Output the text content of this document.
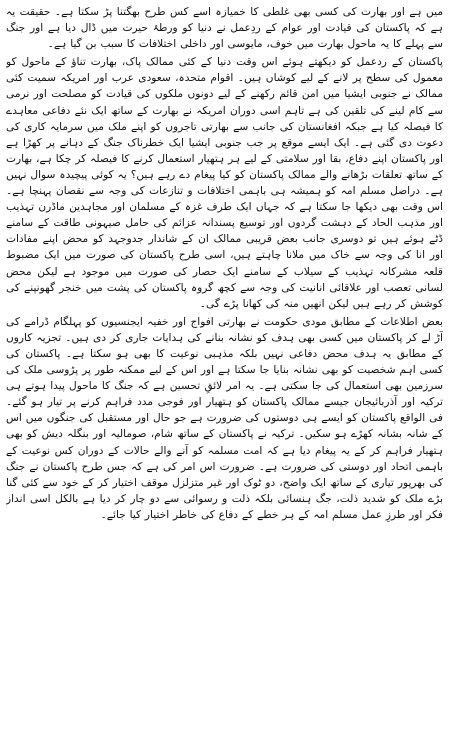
میں ہے اور بھارت کی کسی بھی غلطی کا خمیازہ اسے کس طرح بھگتنا پڑ سکتا ہے۔ حقیقت یہ ہے کہ پاکستان کی قیادت اور عوام کے ردِعمل نے دنیا کو ورطۂ حیرت میں ڈال دیا ہے اور جنگ سے پہلے کا یہ ماحول بھارت میں خوف، مایوسی اور داخلی اختلافات کا سبب بن گیا ہے۔

پاکستان کے ردعمل کو دیکھتے ہوئے اس وقت دنیا کے کئی ممالک پاک، بھارت تناؤ کے ماحول کو معمول کی سطح پر لانے کے لیے کوشاں ہیں۔ اقوام متحدہ، سعودی عرب اور امریکہ سمیت کئی ممالک نے جنوبی ایشیا میں امن قائم رکھنے کے لیے دونوں ملکوں کی قیادت کو مصلحت اور نرمی سے کام لینے کی تلقین کی ہے تاہم اسی دوران امریکہ نے بھارت کے ساتھ ایک نئے دفاعی معاہدے کا فیصلہ کیا ہے جبکہ افغانستان کی جانب سے بھارتی تاجروں کو اپنے ملک میں سرمایہ کاری کی دعوت دی گئی ہے۔ ایک ایسے موقع پر جب جنوبی ایشیا ایک خطرناک جنگ کے دہانے پر کھڑا ہے اور پاکستان اپنے دفاع، بقا اور سلامتی کے لیے ہر ہتھیار استعمال کرنے کا فیصلہ کر چکا ہے، بھارت کے ساتھ تعلقات بڑھانے والے ممالک پاکستان کو کیا پیغام دے رہے ہیں؟ یہ کوئی پیچیدہ سوال نہیں ہے۔ دراصل مسلم امہ کو ہمیشہ ہی باہمی اختلافات و تنازعات کی وجہ سے نقصان پہنچا ہے۔ اس وقت بھی دیکھا جا سکتا ہے کہ جہاں ایک طرف غزہ کے مسلمان اور مجاہدین ماڈرن تہذیب اور مذہب الحاد کے دہشت گردوں اور توسیع پسندانہ عزائم کی حامل صیہونی طاقت کے سامنے ڈٹے ہوئے ہیں تو دوسری جانب بعض قریبی ممالک ان کے شاندار جدوجہد کو محض اپنے مفادات اور انا کی وجہ سے خاک میں ملانا چاہتے ہیں، اسی طرح پاکستان کی صورت میں ایک مضبوط قلعہ مشرکانہ تہذیب کے سیلاب کے سامنے ایک حصار کی صورت میں موجود ہے لیکن محض لسانی تعصب اور علاقائی انانیت کی وجہ سے کچھ گروہ پاکستان کی پشت میں خنجر گھونپنے کی کوشش کر رہے ہیں لیکن انھیں منہ کی کھانا پڑے گی۔

بعض اطلاعات کے مطابق مودی حکومت نے بھارتی افواج اور خفیہ ایجنسیوں کو پہلگام ڈرامے کی آڑ لے کر پاکستان میں کسی بھی ہدف کو نشانہ بنانے کی ہدایات جاری کر دی ہیں۔ تجزیہ کاروں کے مطابق یہ ہدف محض دفاعی نہیں بلکہ مذہبی نوعیت کا بھی ہو سکتا ہے۔ پاکستان کی کسی اہم شخصیت کو بھی نشانہ بنایا جا سکتا ہے اور اس کے لیے ممکنہ طور پر پڑوسی ملک کی سرزمین بھی استعمال کی جا سکتی ہے۔ یہ امر لائقِ تحسین ہے کہ جنگ کا ماحول پیدا ہوتے ہی ترکیہ اور آذربائیجان جیسے ممالک پاکستان کو ہتھیار اور فوجی مدد فراہم کرنے پر تیار ہو گئے۔ فی الواقع پاکستان کو ایسے ہی دوستوں کی ضرورت ہے جو حال اور مستقبل کی جنگوں میں اس کے شانہ بشانہ کھڑے ہو سکیں۔ ترکیہ نے پاکستان کے ساتھ شام، صومالیہ اور بنگلہ دیش کو بھی ہتھیار فراہم کر کے یہ پیغام دیا ہے کہ امت مسلمہ کو آنے والے حالات کے دوران کس نوعیت کے باہمی اتحاد اور دوستی کی ضرورت ہے۔ ضرورت اس امر کی ہے کہ جس طرح پاکستان نے جنگ کی بھرپور تیاری کے ساتھ ایک واضح، دو ٹوک اور غیر متزلزل موقف اختیار کر کے خود سے کئی گنا بڑے ملک کو شدید ذلت، جگ ہنسائی بلکہ ذلت و رسوائی سے دو چار کر دیا ہے بالکل اسی انداز فکر اور طرزِ عمل مسلم امہ کے ہر خطے کے دفاع کی خاطر اختیار کیا جائے۔
